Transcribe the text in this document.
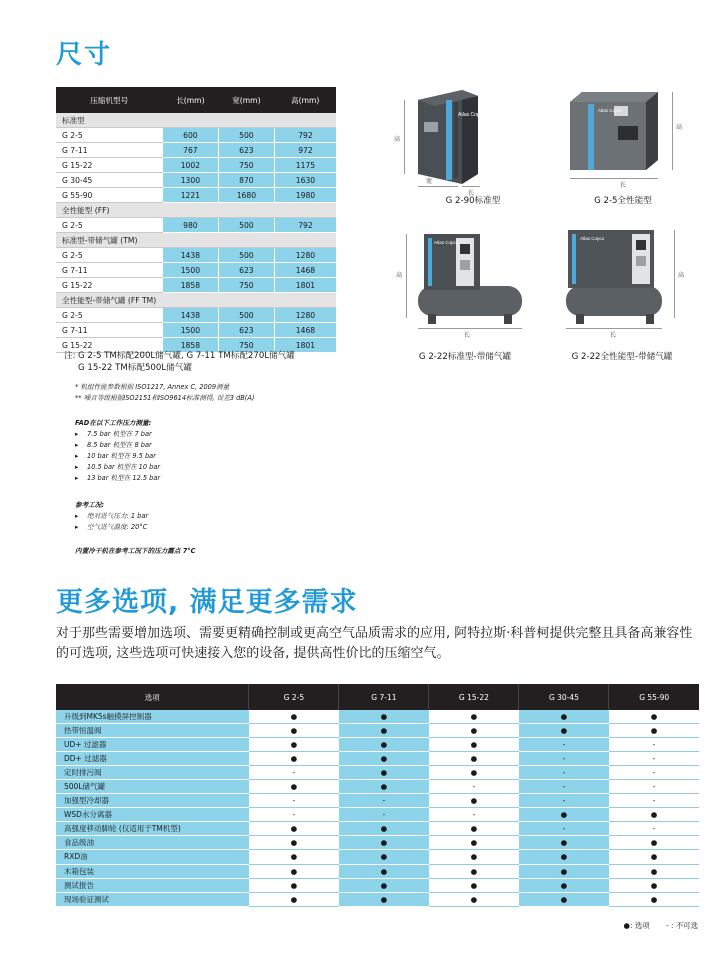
尺寸
压缩机型号	长(mm)	宽(mm)	高(mm)
标准型			
G 2-5	600	500	792
G 7-11	767	623	972
G 15-22	1002	750	1175
G 30-45	1300	870	1630
G 55-90	1221	1680	1980
全性能型 (FF)			
G 2-5	980	500	792
标准型-带储气罐 (TM)			
G 2-5	1438	500	1280
G 7-11	1500	623	1468
G 15-22	1858	750	1801
全性能型-带储气罐 (FF TM)			
G 2-5	1438	500	1280
G 7-11	1500	623	1468
G 15-22	1858	750	1801
注: G 2-5 TM标配200L储气罐, G 7-11 TM标配270L储气罐
G 15-22 TM标配500L储气罐
* 机组性能参数根据 ISO1217, Annex C, 2009测量
** 噪音等级根据ISO2151和ISO9614标准测得, 误差3 dB(A)
FAD在以下工作压力测量:
▸ 7.5 bar 机型在 7 bar
▸ 8.5 bar 机型在 8 bar
▸ 10 bar 机型在 9.5 bar
▸ 10.5 bar 机型在 10 bar
▸ 13 bar 机型在 12.5 bar
参考工况:
▸ 绝对进气压力: 1 bar
▸ 空气进气温度: 20°C
内置冷干机在参考工况下的压力露点 7°C
Atlas Copco
高
宽
长
G 2-90标准型
Atlas Copco
高
长
G 2-5全性能型
Atlas Copco
高
长
G 2-22标准型-带储气罐
Atlas Copco
高
长
G 2-22全性能型-带储气罐
更多选项, 满足更多需求
对于那些需要增加选项、需要更精确控制或更高空气品质需求的应用, 阿特拉斯·科普柯提供完整且具备高兼容性的可选项, 这些选项可快速接入您的设备, 提供高性价比的压缩空气。
选项	G 2-5	G 7-11	G 15-22	G 30-45	G 55-90
升级到MK5s触摸屏控制器	●	●	●	●	●
热带恒温阀	●	●	●	●	●
UD+ 过滤器	●	●	●	-	-
DD+ 过滤器	●	●	●	-	-
定时排污阀	-	●	●	-	-
500L储气罐	●	●	-	-	-
加强型冷却器	-	-	●	-	-
WSD水分离器	-	-	-	●	●
高强度移动脚轮 (仅适用于TM机型)	●	●	●	-	-
食品级油	●	●	●	●	●
RXD油	●	●	●	●	●
木箱包装	●	●	●	●	●
测试报告	●	●	●	●	●
现场验证测试	●	●	●	●	●
●: 选项 - : 不可选
